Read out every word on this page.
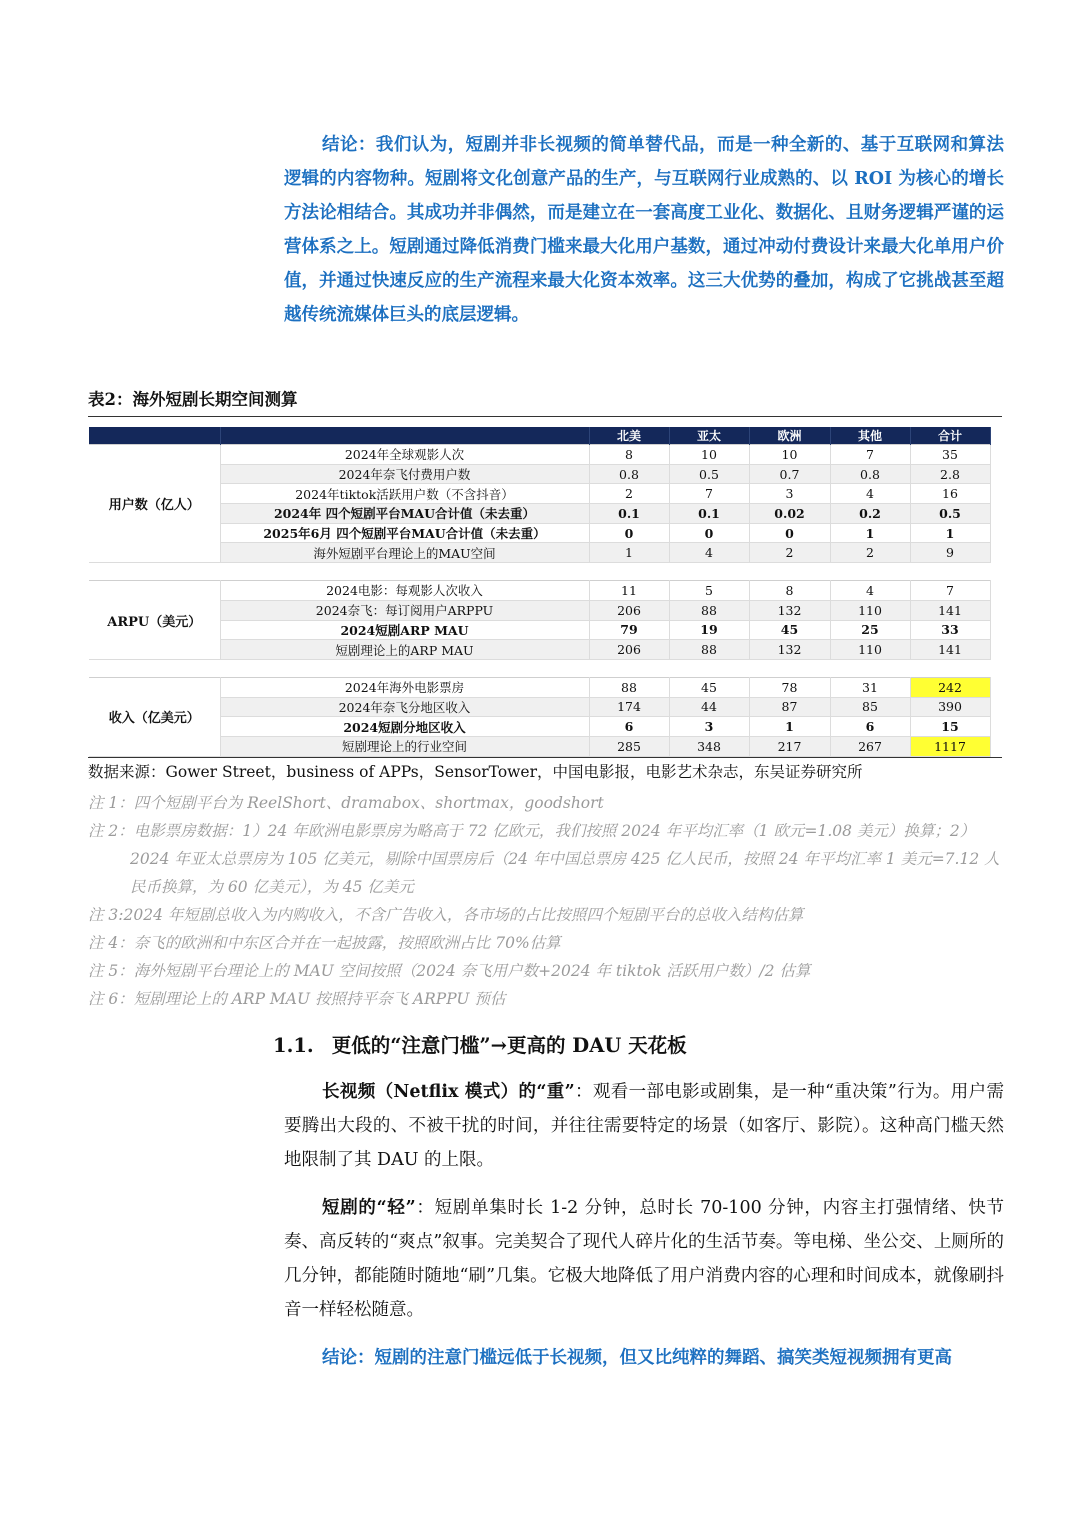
结论：我们认为，短剧并非长视频的简单替代品，而是一种全新的、基于互联网和算法逻辑的内容物种。短剧将文化创意产品的生产，与互联网行业成熟的、以 ROI 为核心的增长方法论相结合。其成功并非偶然，而是建立在一套高度工业化、数据化、且财务逻辑严谨的运营体系之上。短剧通过降低消费门槛来最大化用户基数，通过冲动付费设计来最大化单用户价值，并通过快速反应的生产流程来最大化资本效率。这三大优势的叠加，构成了它挑战甚至超越传统流媒体巨头的底层逻辑。
表2：海外短剧长期空间测算
		北美	亚太	欧洲	其他	合计
用户数（亿人）	2024年全球观影人次	8	10	10	7	35
	2024年奈飞付费用户数	0.8	0.5	0.7	0.8	2.8
	2024年tiktok活跃用户数（不含抖音）	2	7	3	4	16
	2024年 四个短剧平台MAU合计值（未去重）	0.1	0.1	0.02	0.2	0.5
	2025年6月 四个短剧平台MAU合计值（未去重）	0	0	0	1	1
	海外短剧平台理论上的MAU空间	1	4	2	2	9

ARPU（美元）	2024电影：每观影人次收入	11	5	8	4	7
	2024奈飞：每订阅用户ARPPU	206	88	132	110	141
	2024短剧ARP MAU	79	19	45	25	33
	短剧理论上的ARP MAU	206	88	132	110	141

收入（亿美元）	2024年海外电影票房	88	45	78	31	242
	2024年奈飞分地区收入	174	44	87	85	390
	2024短剧分地区收入	6	3	1	6	15
	短剧理论上的行业空间	285	348	217	267	1117
数据来源：Gower Street，business of APPs，SensorTower，中国电影报，电影艺术杂志，东吴证券研究所
注 1：四个短剧平台为 ReelShort、dramabox、shortmax，goodshort
注 2：电影票房数据：1）24 年欧洲电影票房为略高于 72 亿欧元，我们按照 2024 年平均汇率（1 欧元=1.08 美元）换算；2）2024 年亚太总票房为 105 亿美元，剔除中国票房后（24 年中国总票房 425 亿人民币，按照 24 年平均汇率 1 美元=7.12 人民币换算，为 60 亿美元），为 45 亿美元
注 3:2024 年短剧总收入为内购收入，不含广告收入，各市场的占比按照四个短剧平台的总收入结构估算
注 4：奈飞的欧洲和中东区合并在一起披露，按照欧洲占比 70%估算
注 5：海外短剧平台理论上的 MAU 空间按照（2024 奈飞用户数+2024 年 tiktok 活跃用户数）/2 估算
注 6：短剧理论上的 ARP MAU 按照持平奈飞 ARPPU 预估
1.1. 更低的“注意门槛”→更高的 DAU 天花板
长视频（Netflix 模式）的“重”：观看一部电影或剧集，是一种“重决策”行为。用户需要腾出大段的、不被干扰的时间，并往往需要特定的场景（如客厅、影院）。这种高门槛天然地限制了其 DAU 的上限。
短剧的“轻”：短剧单集时长 1-2 分钟，总时长 70-100 分钟，内容主打强情绪、快节奏、高反转的“爽点”叙事。完美契合了现代人碎片化的生活节奏。等电梯、坐公交、上厕所的几分钟，都能随时随地“刷”几集。它极大地降低了用户消费内容的心理和时间成本，就像刷抖音一样轻松随意。
结论：短剧的注意门槛远低于长视频，但又比纯粹的舞蹈、搞笑类短视频拥有更高
